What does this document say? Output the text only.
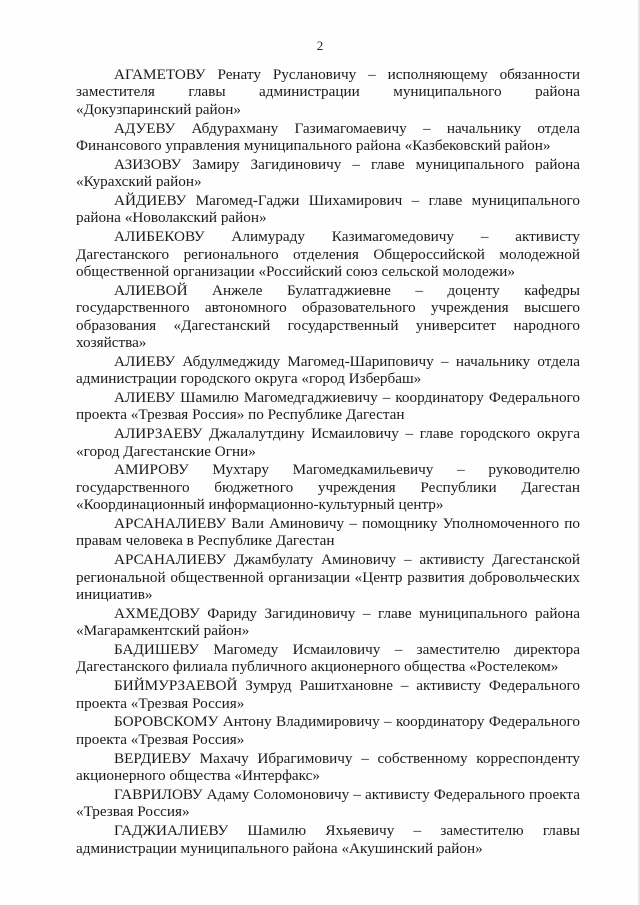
2

АГАМЕТОВУ Ренату Руслановичу – исполняющему обязанности заместителя главы администрации муниципального района «Докузпаринский район»

АДУЕВУ Абдурахману Газимагомаевичу – начальнику отдела Финансового управления муниципального района «Казбековский район»

АЗИЗОВУ Замиру Загидиновичу – главе муниципального района «Курахский район»

АЙДИЕВУ Магомед-Гаджи Шихамирович – главе муниципального района «Новолакский район»

АЛИБЕКОВУ Алимураду Казимагомедовичу – активисту Дагестанского регионального отделения Общероссийской молодежной общественной организации «Российский союз сельской молодежи»

АЛИЕВОЙ Анжеле Булатгаджиевне – доценту кафедры государственного автономного образовательного учреждения высшего образования «Дагестанский государственный университет народного хозяйства»

АЛИЕВУ Абдулмеджиду Магомед-Шариповичу – начальнику отдела администрации городского округа «город Избербаш»

АЛИЕВУ Шамилю Магомедгаджиевичу – координатору Федерального проекта «Трезвая Россия» по Республике Дагестан

АЛИРЗАЕВУ Джалалутдину Исмаиловичу – главе городского округа «город Дагестанские Огни»

АМИРОВУ Мухтару Магомедкамильевичу – руководителю государственного бюджетного учреждения Республики Дагестан «Координационный информационно-культурный центр»

АРСАНАЛИЕВУ Вали Аминовичу – помощнику Уполномоченного по правам человека в Республике Дагестан

АРСАНАЛИЕВУ Джамбулату Аминовичу – активисту Дагестанской региональной общественной организации «Центр развития добровольческих инициатив»

АХМЕДОВУ Фариду Загидиновичу – главе муниципального района «Магарамкентский район»

БАДИШЕВУ Магомеду Исмаиловичу – заместителю директора Дагестанского филиала публичного акционерного общества «Ростелеком»

БИЙМУРЗАЕВОЙ Зумруд Рашитхановне – активисту Федерального проекта «Трезвая Россия»

БОРОВСКОМУ Антону Владимировичу – координатору Федерального проекта «Трезвая Россия»

ВЕРДИЕВУ Махачу Ибрагимовичу – собственному корреспонденту акционерного общества «Интерфакс»

ГАВРИЛОВУ Адаму Соломоновичу – активисту Федерального проекта «Трезвая Россия»

ГАДЖИАЛИЕВУ Шамилю Яхьяевичу – заместителю главы администрации муниципального района «Акушинский район»
